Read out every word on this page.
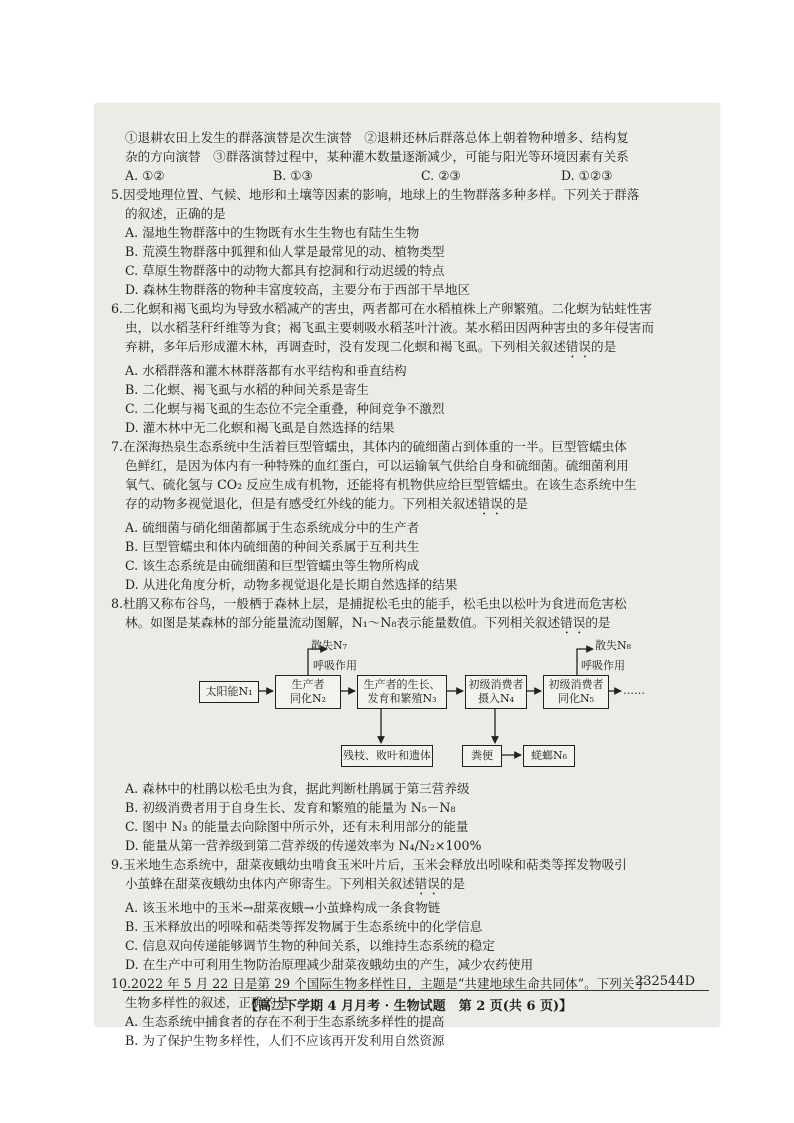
①退耕农田上发生的群落演替是次生演替　②退耕还林后群落总体上朝着物种增多、结构复
杂的方向演替　③群落演替过程中，某种灌木数量逐渐减少，可能与阳光等环境因素有关系
A. ①②	B. ①③	C. ②③	D. ①②③
5.因受地理位置、气候、地形和土壤等因素的影响，地球上的生物群落多种多样。下列关于群落
的叙述，正确的是
A. 湿地生物群落中的生物既有水生生物也有陆生生物
B. 荒漠生物群落中狐狸和仙人掌是最常见的动、植物类型
C. 草原生物群落中的动物大都具有挖洞和行动迟缓的特点
D. 森林生物群落的物种丰富度较高，主要分布于西部干旱地区
6.二化螟和褐飞虱均为导致水稻减产的害虫，两者都可在水稻植株上产卵繁殖。二化螟为钻蛀性害
虫，以水稻茎秆纤维等为食；褐飞虱主要刺吸水稻茎叶汁液。某水稻田因两种害虫的多年侵害而
弃耕，多年后形成灌木林，再调查时，没有发现二化螟和褐飞虱。下列相关叙述错误的是
A. 水稻群落和灌木林群落都有水平结构和垂直结构
B. 二化螟、褐飞虱与水稻的种间关系是寄生
C. 二化螟与褐飞虱的生态位不完全重叠，种间竞争不激烈
D. 灌木林中无二化螟和褐飞虱是自然选择的结果
7.在深海热泉生态系统中生活着巨型管蠕虫，其体内的硫细菌占到体重的一半。巨型管蠕虫体
色鲜红，是因为体内有一种特殊的血红蛋白，可以运输氧气供给自身和硫细菌。硫细菌利用
氧气、硫化氢与 CO₂ 反应生成有机物，还能将有机物供应给巨型管蠕虫。在该生态系统中生
存的动物多视觉退化，但是有感受红外线的能力。下列相关叙述错误的是
A. 硫细菌与硝化细菌都属于生态系统成分中的生产者
B. 巨型管蠕虫和体内硫细菌的种间关系属于互利共生
C. 该生态系统是由硫细菌和巨型管蠕虫等生物所构成
D. 从进化角度分析，动物多视觉退化是长期自然选择的结果
8.杜鹃又称布谷鸟，一般栖于森林上层，是捕捉松毛虫的能手，松毛虫以松叶为食进而危害松
林。如图是某森林的部分能量流动图解，N₁～N₈表示能量数值。下列相关叙述错误的是
散失N₇
呼吸作用
散失N₈
呼吸作用
太阳能N₁
生产者
同化N₂
生产者的生长、
发育和繁殖N₃
初级消费者
摄入N₄
初级消费者
同化N₅
……
残枝、败叶和遗体	粪便	蜣螂N₆
A. 森林中的杜鹃以松毛虫为食，据此判断杜鹃属于第三营养级
B. 初级消费者用于自身生长、发育和繁殖的能量为 N₅－N₈
C. 图中 N₃ 的能量去向除图中所示外，还有未利用部分的能量
D. 能量从第一营养级到第二营养级的传递效率为 N₄/N₂×100%
9.玉米地生态系统中，甜菜夜蛾幼虫啃食玉米叶片后，玉米会释放出吲哚和萜类等挥发物吸引
小茧蜂在甜菜夜蛾幼虫体内产卵寄生。下列相关叙述错误的是
A. 该玉米地中的玉米→甜菜夜蛾→小茧蜂构成一条食物链
B. 玉米释放出的吲哚和萜类等挥发物属于生态系统中的化学信息
C. 信息双向传递能够调节生物的种间关系，以维持生态系统的稳定
D. 在生产中可利用生物防治原理减少甜菜夜蛾幼虫的产生，减少农药使用
10.2022 年 5 月 22 日是第 29 个国际生物多样性日，主题是“共建地球生命共同体”。下列关于
生物多样性的叙述，正确的是
A. 生态系统中捕食者的存在不利于生态系统多样性的提高
B. 为了保护生物多样性，人们不应该再开发利用自然资源
232544D
【高二下学期 4 月月考 · 生物试题　第 2 页(共 6 页)】
